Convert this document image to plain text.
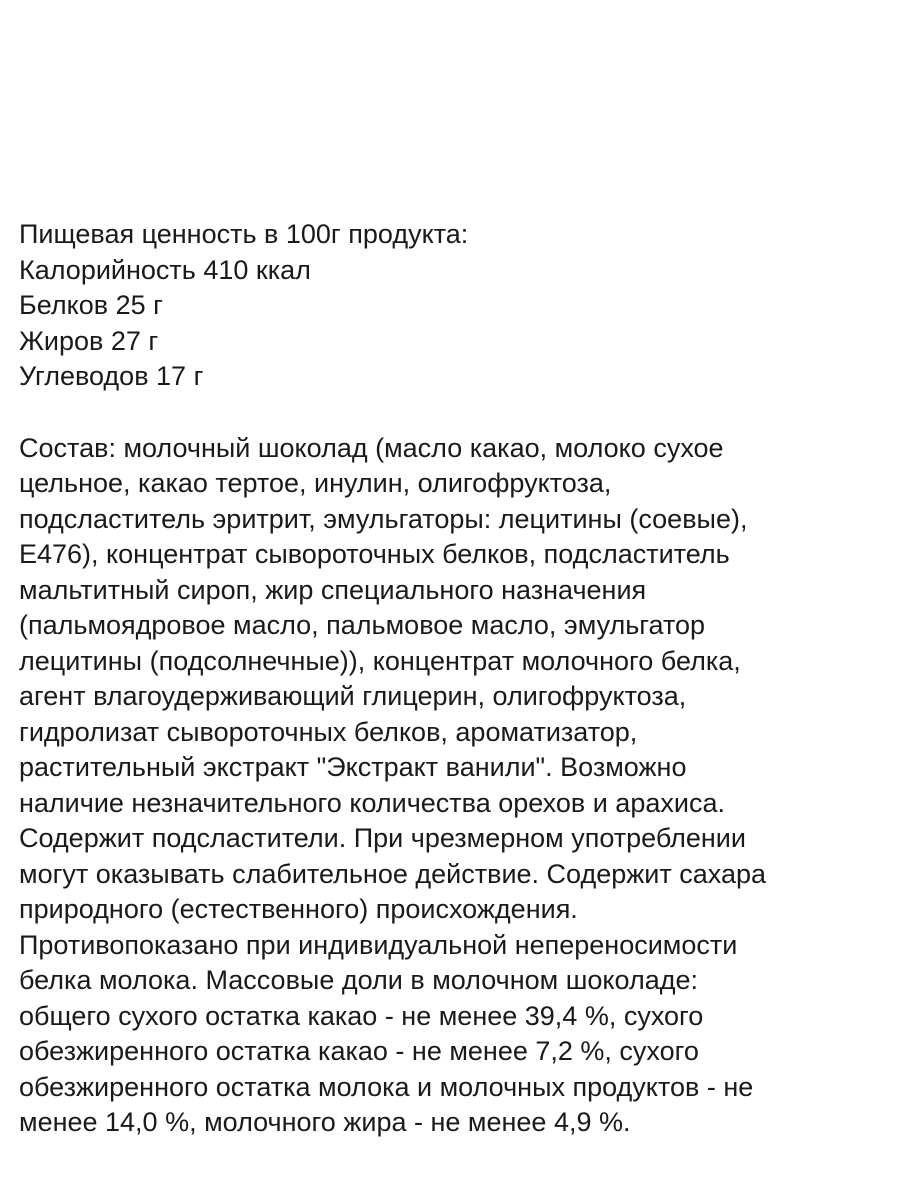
Пищевая ценность в 100г продукта:
Калорийность 410 ккал
Белков 25 г
Жиров 27 г
Углеводов 17 г
Состав: молочный шоколад (масло какао, молоко сухое
цельное, какао тертое, инулин, олигофруктоза,
подсластитель эритрит, эмульгаторы: лецитины (соевые),
Е476), концентрат сывороточных белков, подсластитель
мальтитный сироп, жир специального назначения
(пальмоядровое масло, пальмовое масло, эмульгатор
лецитины (подсолнечные)), концентрат молочного белка,
агент влагоудерживающий глицерин, олигофруктоза,
гидролизат сывороточных белков, ароматизатор,
растительный экстракт "Экстракт ванили". Возможно
наличие незначительного количества орехов и арахиса.
Содержит подсластители. При чрезмерном употреблении
могут оказывать слабительное действие. Содержит сахара
природного (естественного) происхождения.
Противопоказано при индивидуальной непереносимости
белка молока. Массовые доли в молочном шоколаде:
общего сухого остатка какао - не менее 39,4 %, сухого
обезжиренного остатка какао - не менее 7,2 %, сухого
обезжиренного остатка молока и молочных продуктов - не
менее 14,0 %, молочного жира - не менее 4,9 %.
